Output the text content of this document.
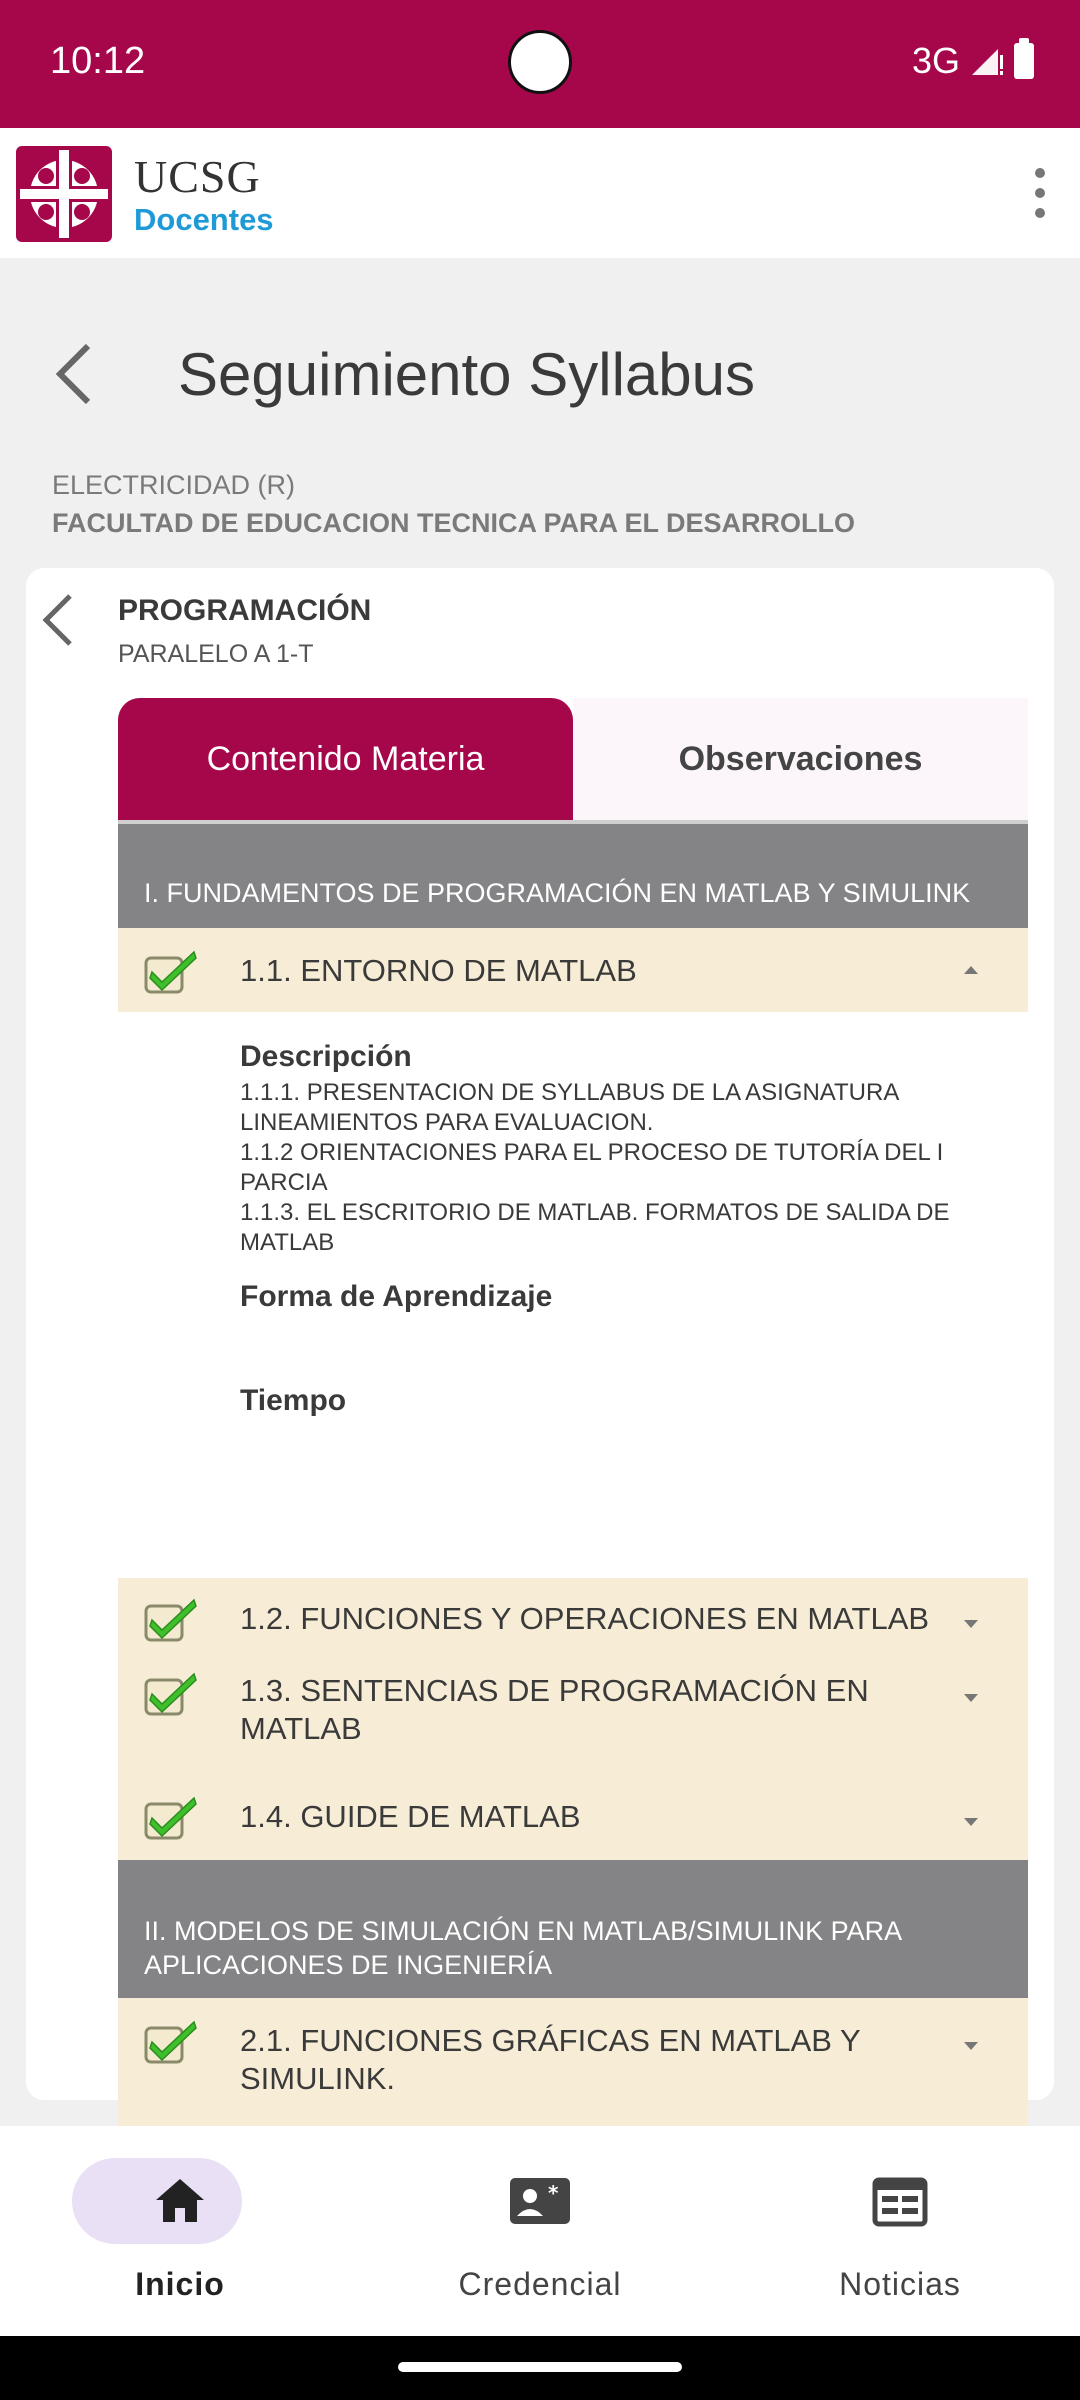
10:12	3G
UCSG
Docentes
Seguimiento Syllabus
ELECTRICIDAD (R)
FACULTAD DE EDUCACION TECNICA PARA EL DESARROLLO
PROGRAMACIÓN
PARALELO A 1-T
Contenido Materia	Observaciones
I. FUNDAMENTOS DE PROGRAMACIÓN EN MATLAB Y SIMULINK
1.1. ENTORNO DE MATLAB
Descripción

1.1.1. PRESENTACION DE SYLLABUS DE LA ASIGNATURA LINEAMIENTOS PARA EVALUACION.
1.1.2 ORIENTACIONES PARA EL PROCESO DE TUTORÍA DEL I PARCIA
1.1.3. EL ESCRITORIO DE MATLAB. FORMATOS DE SALIDA DE MATLAB

Forma de Aprendizaje
Tiempo
1.2. FUNCIONES Y OPERACIONES EN MATLAB
1.3. SENTENCIAS DE PROGRAMACIÓN EN MATLAB
1.4. GUIDE DE MATLAB
II. MODELOS DE SIMULACIÓN EN MATLAB/SIMULINK PARA APLICACIONES DE INGENIERÍA
2.1. FUNCIONES GRÁFICAS EN MATLAB Y SIMULINK.
Inicio
*
Credencial	Noticias
